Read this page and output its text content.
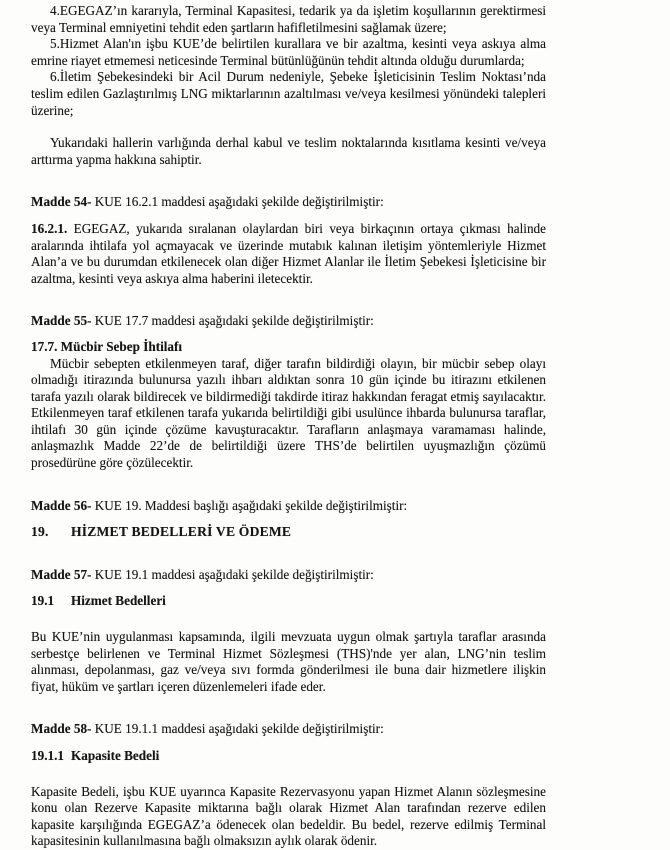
4.EGEGAZ’ın kararıyla, Terminal Kapasitesi, tedarik ya da işletim koşullarının gerektirmesi veya Terminal emniyetini tehdit eden şartların hafifletilmesini sağlamak üzere;

5.Hizmet Alan'ın işbu KUE’de belirtilen kurallara ve bir azaltma, kesinti veya askıya alma emrine riayet etmemesi neticesinde Terminal bütünlüğünün tehdit altında olduğu durumlarda;

6.İletim Şebekesindeki bir Acil Durum nedeniyle, Şebeke İşleticisinin Teslim Noktası’nda teslim edilen Gazlaştırılmış LNG miktarlarının azaltılması ve/veya kesilmesi yönündeki talepleri üzerine;

Yukarıdaki hallerin varlığında derhal kabul ve teslim noktalarında kısıtlama kesinti ve/veya arttırma yapma hakkına sahiptir.

Madde 54- KUE 16.2.1 maddesi aşağıdaki şekilde değiştirilmiştir:

16.2.1. EGEGAZ, yukarıda sıralanan olaylardan biri veya birkaçının ortaya çıkması halinde aralarında ihtilafa yol açmayacak ve üzerinde mutabık kalınan iletişim yöntemleriyle Hizmet Alan’a ve bu durumdan etkilenecek olan diğer Hizmet Alanlar ile İletim Şebekesi İşleticisine bir azaltma, kesinti veya askıya alma haberini iletecektir.

Madde 55- KUE 17.7 maddesi aşağıdaki şekilde değiştirilmiştir:

17.7. Mücbir Sebep İhtilafı

Mücbir sebepten etkilenmeyen taraf, diğer tarafın bildirdiği olayın, bir mücbir sebep olayı olmadığı itirazında bulunursa yazılı ihbarı aldıktan sonra 10 gün içinde bu itirazını etkilenen tarafa yazılı olarak bildirecek ve bildirmediği takdirde itiraz hakkından feragat etmiş sayılacaktır. Etkilenmeyen taraf etkilenen tarafa yukarıda belirtildiği gibi usulünce ihbarda bulunursa taraflar, ihtilafı 30 gün içinde çözüme kavuşturacaktır. Tarafların anlaşmaya varamaması halinde, anlaşmazlık Madde 22’de de belirtildiği üzere THS’de belirtilen uyuşmazlığın çözümü prosedürüne göre çözülecektir.

Madde 56- KUE 19. Maddesi başlığı aşağıdaki şekilde değiştirilmiştir:

19. HİZMET BEDELLERİ VE ÖDEME

Madde 57- KUE 19.1 maddesi aşağıdaki şekilde değiştirilmiştir:

19.1 Hizmet Bedelleri

Bu KUE’nin uygulanması kapsamında, ilgili mevzuata uygun olmak şartıyla taraflar arasında serbestçe belirlenen ve Terminal Hizmet Sözleşmesi (THS)'nde yer alan, LNG’nin teslim alınması, depolanması, gaz ve/veya sıvı formda gönderilmesi ile buna dair hizmetlere ilişkin fiyat, hüküm ve şartları içeren düzenlemeleri ifade eder.

Madde 58- KUE 19.1.1 maddesi aşağıdaki şekilde değiştirilmiştir:

19.1.1 Kapasite Bedeli

Kapasite Bedeli, işbu KUE uyarınca Kapasite Rezervasyonu yapan Hizmet Alanın sözleşmesine konu olan Rezerve Kapasite miktarına bağlı olarak Hizmet Alan tarafından rezerve edilen kapasite karşılığında EGEGAZ’a ödenecek olan bedeldir. Bu bedel, rezerve edilmiş Terminal kapasitesinin kullanılmasına bağlı olmaksızın aylık olarak ödenir.
